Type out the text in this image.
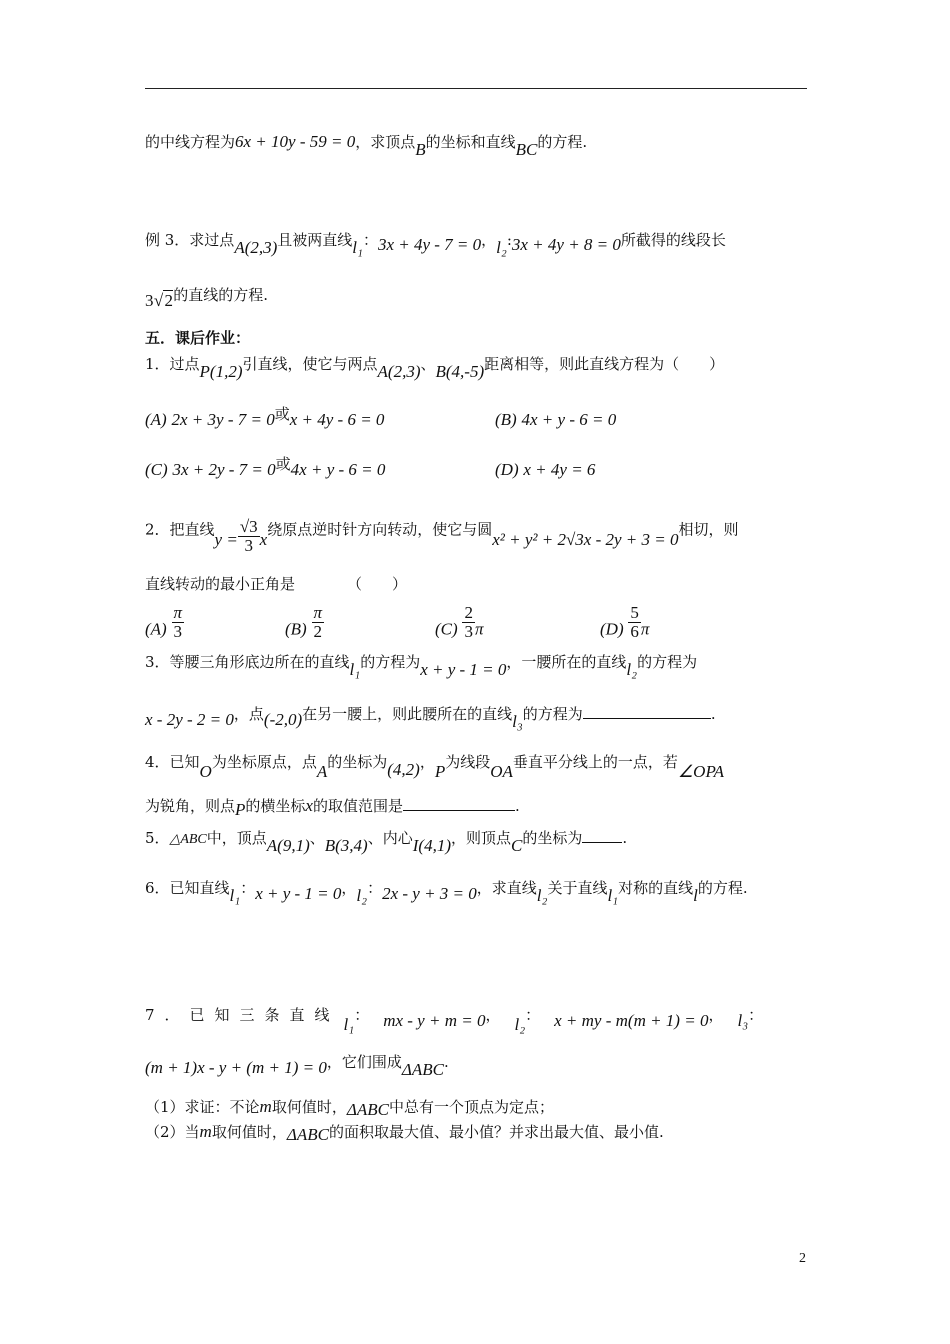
的中线方程为6x + 10y - 59 = 0，求顶点B的坐标和直线BC的方程.
例 3．求过点A(2,3)且被两直线l₁：3x + 4y - 7 = 0，l₂:3x + 4y + 8 = 0所截得的线段长
3√2的直线的方程.
五．课后作业：
1．过点P(1,2)引直线，使它与两点A(2,3)、B(4,-5)距离相等，则此直线方程为（　　）
(A) 2x + 3y - 7 = 0或x + 4y - 6 = 0	(B) 4x + y - 6 = 0
(C) 3x + 2y - 7 = 0或4x + y - 6 = 0	(D) x + 4y = 6
2．把直线$y = \frac{√3}{3}$ x绕原点逆时针方向转动，使它与圆x² + y² + 2√3x - 2y + 3 = 0相切，则
直线转动的最小正角是	（　　）
$(A) \frac{\pi}{3}$	$(B) \frac{\pi}{2}$	$(C) \frac{2}{3}$ π	$(D) \frac{5}{6}$ π
3．等腰三角形底边所在的直线l₁的方程为x + y - 1 = 0，一腰所在的直线l₂的方程为
x - 2y - 2 = 0，点(-2,0)在另一腰上，则此腰所在的直线l₃的方程为	.
4．已知O为坐标原点，点A的坐标为(4,2)，P为线段OA垂直平分线上的一点，若∠OPA
为锐角，则点P的横坐标x的取值范围是	.
5．△ABC中，顶点A(9,1)、B(3,4)、内心I(4,1)，则顶点C的坐标为	.
6．已知直线l₁：x + y - 1 = 0，l₂：2x - y + 3 = 0，求直线l₂关于直线l₁对称的直线l的方程.
7．已知三条直线 l₁： mx - y + m = 0， l₂： x + my - m(m + 1) = 0， l₃：
(m + 1)x - y + (m + 1) = 0，它们围成ΔABC.
（1）求证：不论m取何值时，ΔABC中总有一个顶点为定点；
（2）当m取何值时，ΔABC的面积取最大值、最小值？并求出最大值、最小值.
2
